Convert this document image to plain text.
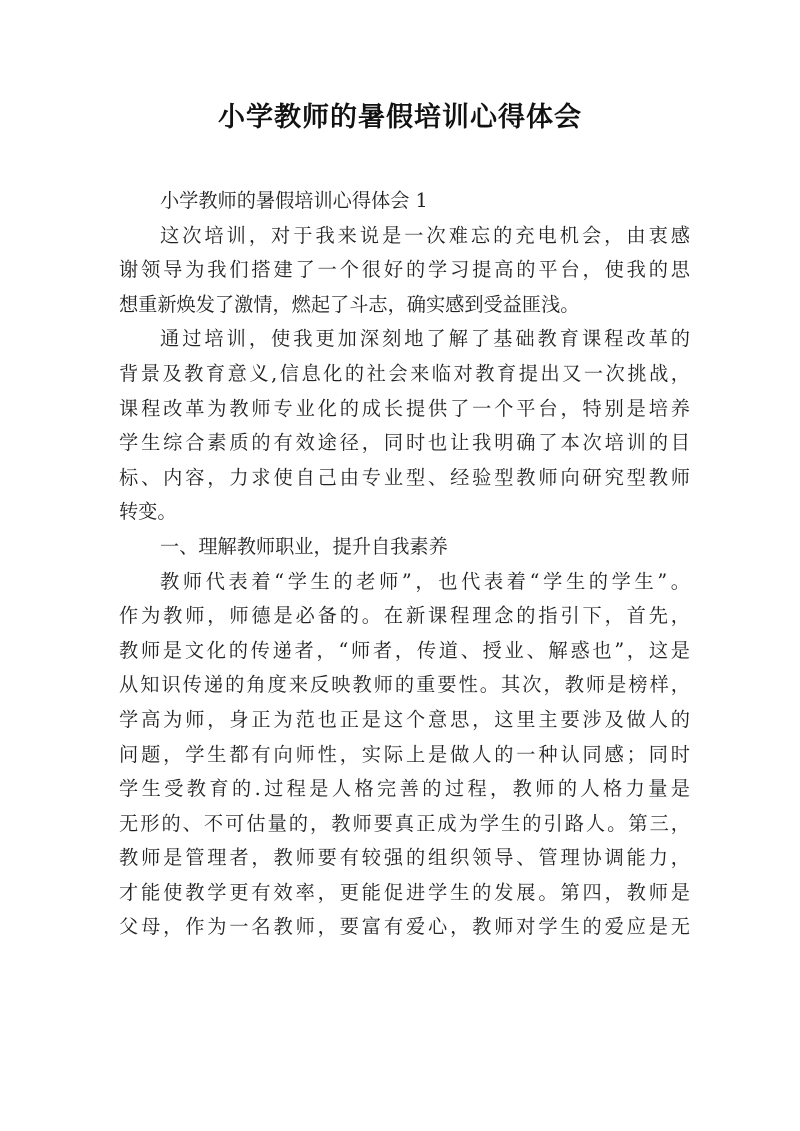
小学教师的暑假培训心得体会
小学教师的暑假培训心得体会 1
这次培训，对于我来说是一次难忘的充电机会，由衷感
谢领导为我们搭建了一个很好的学习提高的平台，使我的思
想重新焕发了激情，燃起了斗志，确实感到受益匪浅。
通过培训，使我更加深刻地了解了基础教育课程改革的
背景及教育意义,信息化的社会来临对教育提出又一次挑战，
课程改革为教师专业化的成长提供了一个平台，特别是培养
学生综合素质的有效途径，同时也让我明确了本次培训的目
标、内容，力求使自己由专业型、经验型教师向研究型教师
转变。
一、理解教师职业，提升自我素养
教师代表着“学生的老师”，也代表着“学生的学生”。
作为教师，师德是必备的。在新课程理念的指引下，首先，
教师是文化的传递者，“师者，传道、授业、解惑也”，这是
从知识传递的角度来反映教师的重要性。其次，教师是榜样，
学高为师，身正为范也正是这个意思，这里主要涉及做人的
问题，学生都有向师性，实际上是做人的一种认同感；同时
学生受教育的.过程是人格完善的过程，教师的人格力量是
无形的、不可估量的，教师要真正成为学生的引路人。第三，
教师是管理者，教师要有较强的组织领导、管理协调能力，
才能使教学更有效率，更能促进学生的发展。第四，教师是
父母，作为一名教师，要富有爱心，教师对学生的爱应是无
